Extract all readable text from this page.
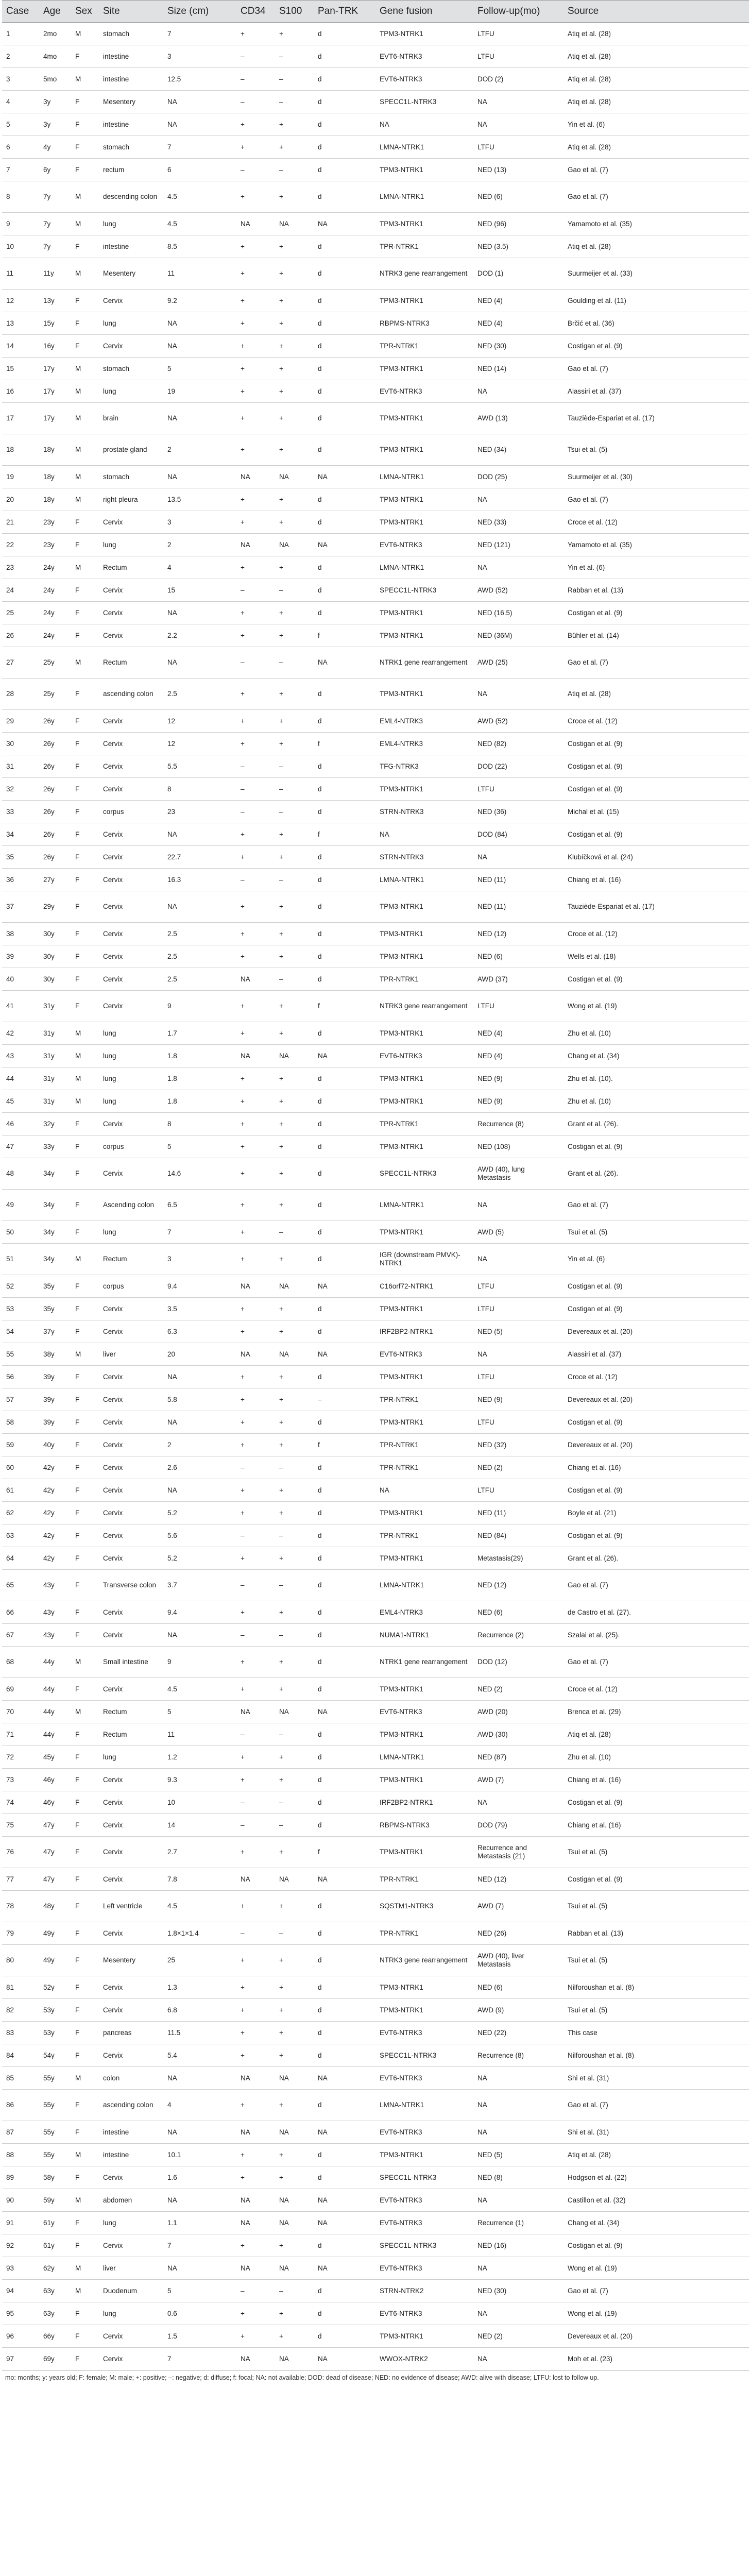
Case	Age	Sex	Site	Size (cm)	CD34	S100	Pan-TRK	Gene fusion	Follow-up(mo)	Source
1	2mo	M	stomach	7	+	+	d	TPM3-NTRK1	LTFU	Atiq et al. (28)
2	4mo	F	intestine	3	–	–	d	EVT6-NTRK3	LTFU	Atiq et al. (28)
3	5mo	M	intestine	12.5	–	–	d	EVT6-NTRK3	DOD (2)	Atiq et al. (28)
4	3y	F	Mesentery	NA	–	–	d	SPECC1L-NTRK3	NA	Atiq et al. (28)
5	3y	F	intestine	NA	+	+	d	NA	NA	Yin et al. (6)
6	4y	F	stomach	7	+	+	d	LMNA-NTRK1	LTFU	Atiq et al. (28)
7	6y	F	rectum	6	–	–	d	TPM3-NTRK1	NED (13)	Gao et al. (7)
8	7y	M	descending colon	4.5	+	+	d	LMNA-NTRK1	NED (6)	Gao et al. (7)
9	7y	M	lung	4.5	NA	NA	NA	TPM3-NTRK1	NED (96)	Yamamoto et al. (35)
10	7y	F	intestine	8.5	+	+	d	TPR-NTRK1	NED (3.5)	Atiq et al. (28)
11	11y	M	Mesentery	11	+	+	d	NTRK3 gene rearrangement	DOD (1)	Suurmeijer et al. (33)
12	13y	F	Cervix	9.2	+	+	d	TPM3-NTRK1	NED (4)	Goulding et al. (11)
13	15y	F	lung	NA	+	+	d	RBPMS-NTRK3	NED (4)	Brčić et al. (36)
14	16y	F	Cervix	NA	+	+	d	TPR-NTRK1	NED (30)	Costigan et al. (9)
15	17y	M	stomach	5	+	+	d	TPM3-NTRK1	NED (14)	Gao et al. (7)
16	17y	M	lung	19	+	+	d	EVT6-NTRK3	NA	Alassiri et al. (37)
17	17y	M	brain	NA	+	+	d	TPM3-NTRK1	AWD (13)	Tauziède-Espariat et al. (17)
18	18y	M	prostate gland	2	+	+	d	TPM3-NTRK1	NED (34)	Tsui et al. (5)
19	18y	M	stomach	NA	NA	NA	NA	LMNA-NTRK1	DOD (25)	Suurmeijer et al. (30)
20	18y	M	right pleura	13.5	+	+	d	TPM3-NTRK1	NA	Gao et al. (7)
21	23y	F	Cervix	3	+	+	d	TPM3-NTRK1	NED (33)	Croce et al. (12)
22	23y	F	lung	2	NA	NA	NA	EVT6-NTRK3	NED (121)	Yamamoto et al. (35)
23	24y	M	Rectum	4	+	+	d	LMNA-NTRK1	NA	Yin et al. (6)
24	24y	F	Cervix	15	–	–	d	SPECC1L-NTRK3	AWD (52)	Rabban et al. (13)
25	24y	F	Cervix	NA	+	+	d	TPM3-NTRK1	NED (16.5)	Costigan et al. (9)
26	24y	F	Cervix	2.2	+	+	f	TPM3-NTRK1	NED (36M)	Bühler et al. (14)
27	25y	M	Rectum	NA	–	–	NA	NTRK1 gene rearrangement	AWD (25)	Gao et al. (7)
28	25y	F	ascending colon	2.5	+	+	d	TPM3-NTRK1	NA	Atiq et al. (28)
29	26y	F	Cervix	12	+	+	d	EML4-NTRK3	AWD (52)	Croce et al. (12)
30	26y	F	Cervix	12	+	+	f	EML4-NTRK3	NED (82)	Costigan et al. (9)
31	26y	F	Cervix	5.5	–	–	d	TFG-NTRK3	DOD (22)	Costigan et al. (9)
32	26y	F	Cervix	8	–	–	d	TPM3-NTRK1	LTFU	Costigan et al. (9)
33	26y	F	corpus	23	–	–	d	STRN-NTRK3	NED (36)	Michal et al. (15)
34	26y	F	Cervix	NA	+	+	f	NA	DOD (84)	Costigan et al. (9)
35	26y	F	Cervix	22.7	+	+	d	STRN-NTRK3	NA	Klubíčková et al. (24)
36	27y	F	Cervix	16.3	–	–	d	LMNA-NTRK1	NED (11)	Chiang et al. (16)
37	29y	F	Cervix	NA	+	+	d	TPM3-NTRK1	NED (11)	Tauziède-Espariat et al. (17)
38	30y	F	Cervix	2.5	+	+	d	TPM3-NTRK1	NED (12)	Croce et al. (12)
39	30y	F	Cervix	2.5	+	+	d	TPM3-NTRK1	NED (6)	Wells et al. (18)
40	30y	F	Cervix	2.5	NA	–	d	TPR-NTRK1	AWD (37)	Costigan et al. (9)
41	31y	F	Cervix	9	+	+	f	NTRK3 gene rearrangement	LTFU	Wong et al. (19)
42	31y	M	lung	1.7	+	+	d	TPM3-NTRK1	NED (4)	Zhu et al. (10)
43	31y	M	lung	1.8	NA	NA	NA	EVT6-NTRK3	NED (4)	Chang et al. (34)
44	31y	M	lung	1.8	+	+	d	TPM3-NTRK1	NED (9)	Zhu et al. (10).
45	31y	M	lung	1.8	+	+	d	TPM3-NTRK1	NED (9)	Zhu et al. (10)
46	32y	F	Cervix	8	+	+	d	TPR-NTRK1	Recurrence (8)	Grant et al. (26).
47	33y	F	corpus	5	+	+	d	TPM3-NTRK1	NED (108)	Costigan et al. (9)
48	34y	F	Cervix	14.6	+	+	d	SPECC1L-NTRK3	AWD (40), lung Metastasis	Grant et al. (26).
49	34y	F	Ascending colon	6.5	+	+	d	LMNA-NTRK1	NA	Gao et al. (7)
50	34y	F	lung	7	+	–	d	TPM3-NTRK1	AWD (5)	Tsui et al. (5)
51	34y	M	Rectum	3	+	+	d	IGR (downstream PMVK)-NTRK1	NA	Yin et al. (6)
52	35y	F	corpus	9.4	NA	NA	NA	C16orf72-NTRK1	LTFU	Costigan et al. (9)
53	35y	F	Cervix	3.5	+	+	d	TPM3-NTRK1	LTFU	Costigan et al. (9)
54	37y	F	Cervix	6.3	+	+	d	IRF2BP2-NTRK1	NED (5)	Devereaux et al. (20)
55	38y	M	liver	20	NA	NA	NA	EVT6-NTRK3	NA	Alassiri et al. (37)
56	39y	F	Cervix	NA	+	+	d	TPM3-NTRK1	LTFU	Croce et al. (12)
57	39y	F	Cervix	5.8	+	+	–	TPR-NTRK1	NED (9)	Devereaux et al. (20)
58	39y	F	Cervix	NA	+	+	d	TPM3-NTRK1	LTFU	Costigan et al. (9)
59	40y	F	Cervix	2	+	+	f	TPR-NTRK1	NED (32)	Devereaux et al. (20)
60	42y	F	Cervix	2.6	–	–	d	TPR-NTRK1	NED (2)	Chiang et al. (16)
61	42y	F	Cervix	NA	+	+	d	NA	LTFU	Costigan et al. (9)
62	42y	F	Cervix	5.2	+	+	d	TPM3-NTRK1	NED (11)	Boyle et al. (21)
63	42y	F	Cervix	5.6	–	–	d	TPR-NTRK1	NED (84)	Costigan et al. (9)
64	42y	F	Cervix	5.2	+	+	d	TPM3-NTRK1	Metastasis(29)	Grant et al. (26).
65	43y	F	Transverse colon	3.7	–	–	d	LMNA-NTRK1	NED (12)	Gao et al. (7)
66	43y	F	Cervix	9.4	+	+	d	EML4-NTRK3	NED (6)	de Castro et al. (27).
67	43y	F	Cervix	NA	–	–	d	NUMA1-NTRK1	Recurrence (2)	Szalai et al. (25).
68	44y	M	Small intestine	9	+	+	d	NTRK1 gene rearrangement	DOD (12)	Gao et al. (7)
69	44y	F	Cervix	4.5	+	+	d	TPM3-NTRK1	NED (2)	Croce et al. (12)
70	44y	M	Rectum	5	NA	NA	NA	EVT6-NTRK3	AWD (20)	Brenca et al. (29)
71	44y	F	Rectum	11	–	–	d	TPM3-NTRK1	AWD (30)	Atiq et al. (28)
72	45y	F	lung	1.2	+	+	d	LMNA-NTRK1	NED (87)	Zhu et al. (10)
73	46y	F	Cervix	9.3	+	+	d	TPM3-NTRK1	AWD (7)	Chiang et al. (16)
74	46y	F	Cervix	10	–	–	d	IRF2BP2-NTRK1	NA	Costigan et al. (9)
75	47y	F	Cervix	14	–	–	d	RBPMS-NTRK3	DOD (79)	Chiang et al. (16)
76	47y	F	Cervix	2.7	+	+	f	TPM3-NTRK1	Recurrence and Metastasis (21)	Tsui et al. (5)
77	47y	F	Cervix	7.8	NA	NA	NA	TPR-NTRK1	NED (12)	Costigan et al. (9)
78	48y	F	Left ventricle	4.5	+	+	d	SQSTM1-NTRK3	AWD (7)	Tsui et al. (5)
79	49y	F	Cervix	1.8×1×1.4	–	–	d	TPR-NTRK1	NED (26)	Rabban et al. (13)
80	49y	F	Mesentery	25	+	+	d	NTRK3 gene rearrangement	AWD (40), liver Metastasis	Tsui et al. (5)
81	52y	F	Cervix	1.3	+	+	d	TPM3-NTRK1	NED (6)	Nilforoushan et al. (8)
82	53y	F	Cervix	6.8	+	+	d	TPM3-NTRK1	AWD (9)	Tsui et al. (5)
83	53y	F	pancreas	11.5	+	+	d	EVT6-NTRK3	NED (22)	This case
84	54y	F	Cervix	5.4	+	+	d	SPECC1L-NTRK3	Recurrence (8)	Nilforoushan et al. (8)
85	55y	M	colon	NA	NA	NA	NA	EVT6-NTRK3	NA	Shi et al. (31)
86	55y	F	ascending colon	4	+	+	d	LMNA-NTRK1	NA	Gao et al. (7)
87	55y	F	intestine	NA	NA	NA	NA	EVT6-NTRK3	NA	Shi et al. (31)
88	55y	M	intestine	10.1	+	+	d	TPM3-NTRK1	NED (5)	Atiq et al. (28)
89	58y	F	Cervix	1.6	+	+	d	SPECC1L-NTRK3	NED (8)	Hodgson et al. (22)
90	59y	M	abdomen	NA	NA	NA	NA	EVT6-NTRK3	NA	Castillon et al. (32)
91	61y	F	lung	1.1	NA	NA	NA	EVT6-NTRK3	Recurrence (1)	Chang et al. (34)
92	61y	F	Cervix	7	+	+	d	SPECC1L-NTRK3	NED (16)	Costigan et al. (9)
93	62y	M	liver	NA	NA	NA	NA	EVT6-NTRK3	NA	Wong et al. (19)
94	63y	M	Duodenum	5	–	–	d	STRN-NTRK2	NED (30)	Gao et al. (7)
95	63y	F	lung	0.6	+	+	d	EVT6-NTRK3	NA	Wong et al. (19)
96	66y	F	Cervix	1.5	+	+	d	TPM3-NTRK1	NED (2)	Devereaux et al. (20)
97	69y	F	Cervix	7	NA	NA	NA	WWOX-NTRK2	NA	Moh et al. (23)
mo: months; y: years old; F: female; M: male; +: positive; –: negative; d: diffuse; f: focal; NA: not available; DOD: dead of disease; NED: no evidence of disease; AWD: alive with disease; LTFU: lost to follow up.
